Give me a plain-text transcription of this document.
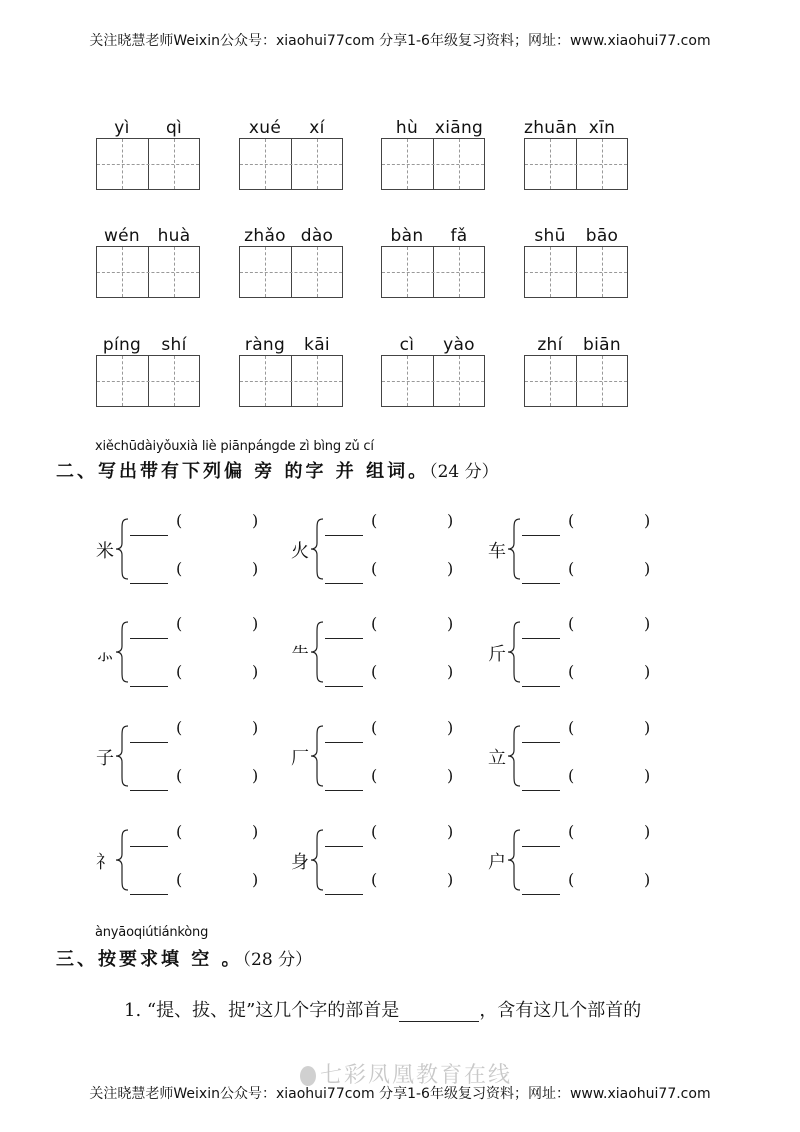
关注晓慧老师Weixin公众号：xiaohui77com 分享1-6年级复习资料；网址：www.xiaohui77.com
yì	qì	xué	xí	hù xiāng zhuān xīn
wén	huà	zhǎo dào	bàn	fǎ	shū	bāo
píng	shí	ràng	kāi	cì	yào	zhí	biān
xiěchūdàiyǒuxià liè piānpángde zì bìng zǔ cí
二、写出带有下列偏 旁 的字 并 组词。（24 分）
米
(	)
(	)
火
(	)
(	)
车
(	)
(	)
⺗
(	)
(	)
⺧
(	)
(	)
斤
(	)
(	)
子
(	)
(	)
厂
(	)
(	)
立
(	)
(	)
礻
(	)
(	)
身
(	)
(	)
户
(	)
(	)
ànyāoqiútiánkòng
三、按要求填 空 。（28 分）
1. “提、拔、捉”这几个字的部首是	，含有这几个部首的
七彩凤凰教育在线
关注晓慧老师Weixin公众号：xiaohui77com 分享1-6年级复习资料；网址：www.xiaohui77.com
